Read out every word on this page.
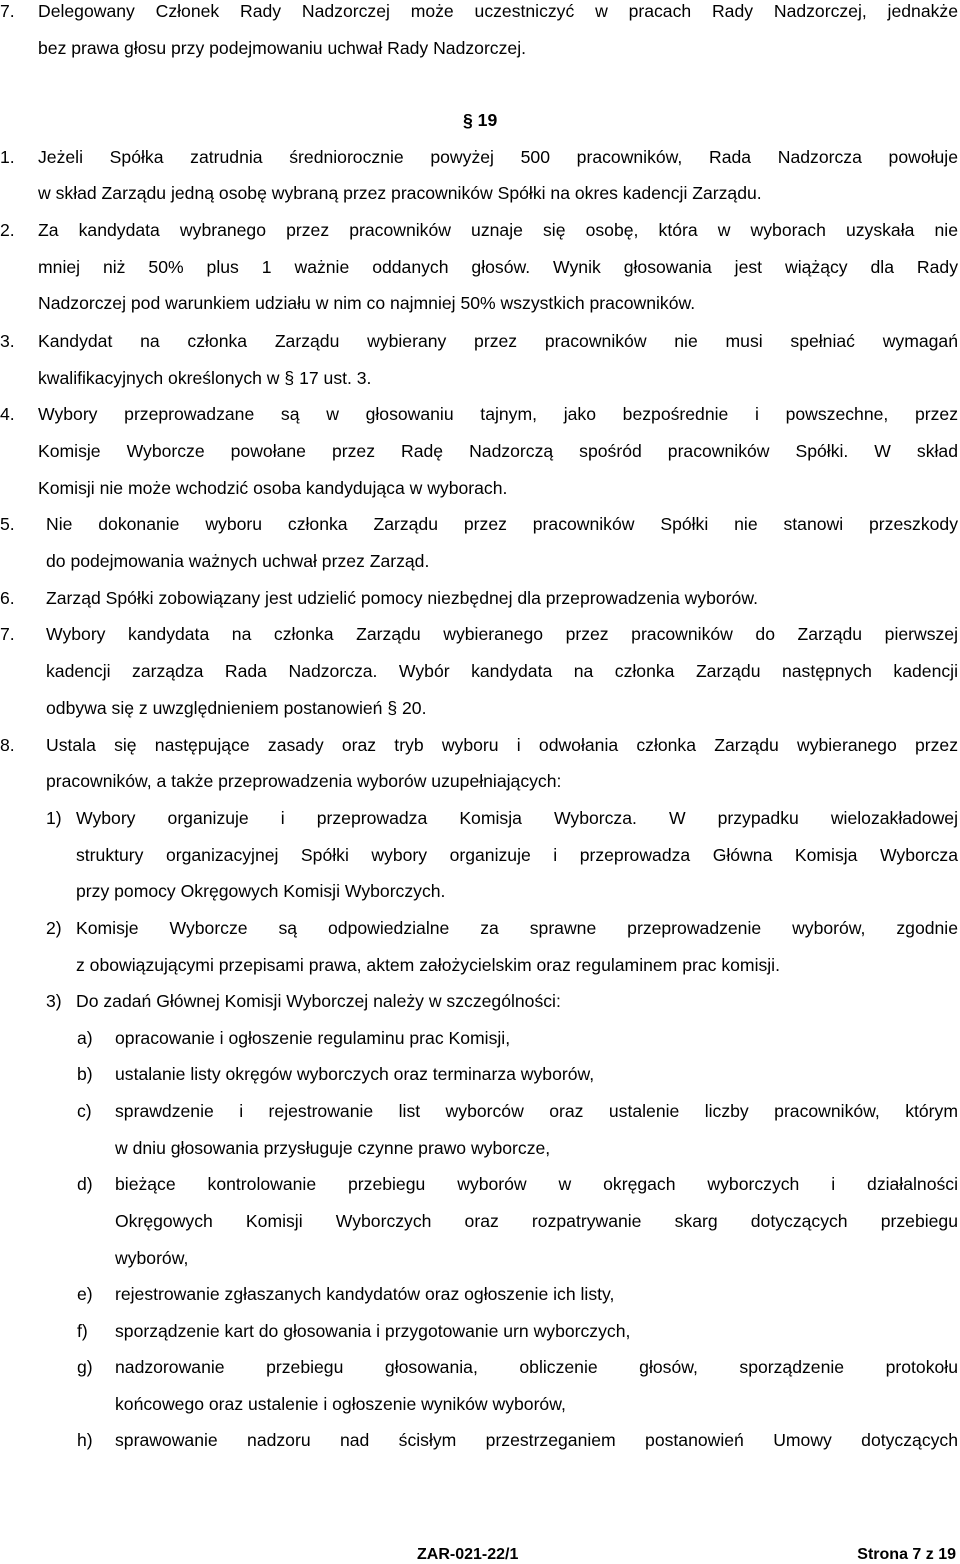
7. Delegowany Członek Rady Nadzorczej może uczestniczyć w pracach Rady Nadzorczej, jednakże
bez prawa głosu przy podejmowaniu uchwał Rady Nadzorczej.
§ 19
1. Jeżeli Spółka zatrudnia średniorocznie powyżej 500 pracowników, Rada Nadzorcza powołuje
w skład Zarządu jedną osobę wybraną przez pracowników Spółki na okres kadencji Zarządu.
2. Za kandydata wybranego przez pracowników uznaje się osobę, która w wyborach uzyskała nie
mniej niż 50% plus 1 ważnie oddanych głosów. Wynik głosowania jest wiążący dla Rady
Nadzorczej pod warunkiem udziału w nim co najmniej 50% wszystkich pracowników.
3. Kandydat na członka Zarządu wybierany przez pracowników nie musi spełniać wymagań
kwalifikacyjnych określonych w § 17 ust. 3.
4. Wybory przeprowadzane są w głosowaniu tajnym, jako bezpośrednie i powszechne, przez
Komisje Wyborcze powołane przez Radę Nadzorczą spośród pracowników Spółki. W skład
Komisji nie może wchodzić osoba kandydująca w wyborach.
5. Nie dokonanie wyboru członka Zarządu przez pracowników Spółki nie stanowi przeszkody
do podejmowania ważnych uchwał przez Zarząd.
6. Zarząd Spółki zobowiązany jest udzielić pomocy niezbędnej dla przeprowadzenia wyborów.
7. Wybory kandydata na członka Zarządu wybieranego przez pracowników do Zarządu pierwszej
kadencji zarządza Rada Nadzorcza. Wybór kandydata na członka Zarządu następnych kadencji
odbywa się z uwzględnieniem postanowień § 20.
8. Ustala się następujące zasady oraz tryb wyboru i odwołania członka Zarządu wybieranego przez
pracowników, a także przeprowadzenia wyborów uzupełniających:
1) Wybory organizuje i przeprowadza Komisja Wyborcza. W przypadku wielozakładowej
struktury organizacyjnej Spółki wybory organizuje i przeprowadza Główna Komisja Wyborcza
przy pomocy Okręgowych Komisji Wyborczych.
2) Komisje Wyborcze są odpowiedzialne za sprawne przeprowadzenie wyborów, zgodnie
z obowiązującymi przepisami prawa, aktem założycielskim oraz regulaminem prac komisji.
3) Do zadań Głównej Komisji Wyborczej należy w szczególności:
a) opracowanie i ogłoszenie regulaminu prac Komisji,
b) ustalanie listy okręgów wyborczych oraz terminarza wyborów,
c) sprawdzenie i rejestrowanie list wyborców oraz ustalenie liczby pracowników, którym
w dniu głosowania przysługuje czynne prawo wyborcze,
d) bieżące kontrolowanie przebiegu wyborów w okręgach wyborczych i działalności
Okręgowych Komisji Wyborczych oraz rozpatrywanie skarg dotyczących przebiegu
wyborów,
e) rejestrowanie zgłaszanych kandydatów oraz ogłoszenie ich listy,
f) sporządzenie kart do głosowania i przygotowanie urn wyborczych,
g) nadzorowanie przebiegu głosowania, obliczenie głosów, sporządzenie protokołu
końcowego oraz ustalenie i ogłoszenie wyników wyborów,
h) sprawowanie nadzoru nad ścisłym przestrzeganiem postanowień Umowy dotyczących
ZAR-021-22/1	Strona 7 z 19
